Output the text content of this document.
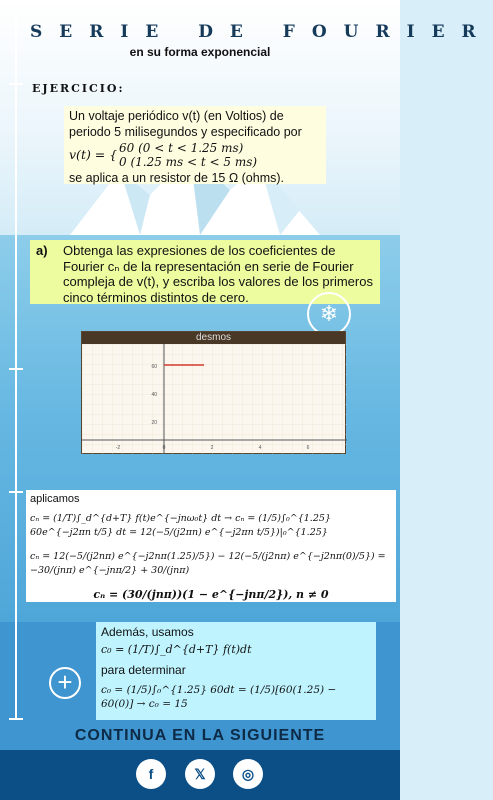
SERIE DE FOURIER
en su forma exponencial
EJERCICIO:
Un voltaje periódico v(t) (en Voltios) de
periodo 5 milisegundos y especificado por
v(t) = { 60 (0 < t < 1.25 ms)
0 (1.25 ms < t < 5 ms)
se aplica a un resistor de 15 Ω (ohms).
a) Obtenga las expresiones de los coeficientes de Fourier cₙ de la representación en serie de Fourier compleja de v(t), y escriba los valores de los primeros cinco términos distintos de cero.
❄
desmos
60
40
20
-2	0	2	4	6
aplicamos
cₙ = (1/T)∫_d^{d+T} f(t)e^{−jnω₀t} dt → cₙ = (1/5)∫₀^{1.25} 60e^{−j2πn t/5} dt = 12(−5/(j2πn) e^{−j2πn t/5})|₀^{1.25}
cₙ = 12(−5/(j2nπ) e^{−j2nπ(1.25)/5}) − 12(−5/(j2nπ) e^{−j2nπ(0)/5}) = −30/(jnπ) e^{−jnπ/2} + 30/(jnπ)
cₙ = (30/(jnπ))(1 − e^{−jnπ/2}), n ≠ 0
+
Además, usamos
c₀ = (1/T)∫_d^{d+T} f(t)dt
para determinar
c₀ = (1/5)∫₀^{1.25} 60dt = (1/5)[60(1.25) − 60(0)] → c₀ = 15
CONTINUA EN LA SIGUIENTE
f	𝕏	◎
